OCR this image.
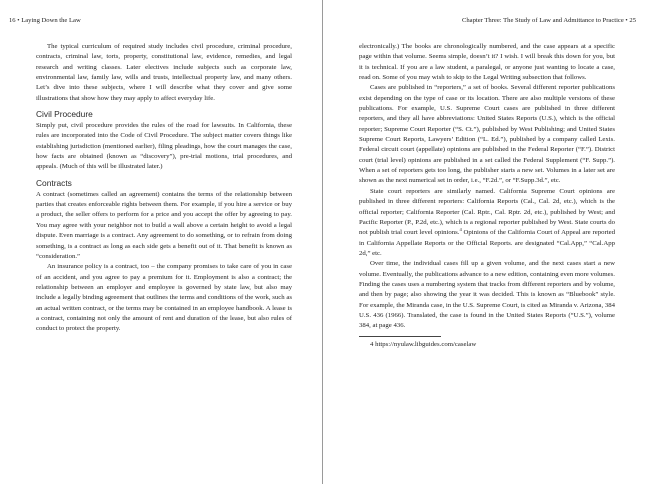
16 • Laying Down the Law

The typical curriculum of required study includes civil procedure, criminal procedure, contracts, criminal law, torts, property, constitutional law, evidence, remedies, and legal research and writing classes. Later electives include subjects such as corporate law, environmental law, family law, wills and trusts, intellectual property law, and many others. Let’s dive into these subjects, where I will describe what they cover and give some illustrations that show how they may apply to affect everyday life.

Civil Procedure

Simply put, civil procedure provides the rules of the road for lawsuits. In California, these rules are incorporated into the Code of Civil Procedure. The subject matter covers things like establishing jurisdiction (mentioned earlier), filing pleadings, how the court manages the case, how facts are obtained (known as “discovery”), pre-trial motions, trial procedures, and appeals. (Much of this will be illustrated later.)

Contracts

A contract (sometimes called an agreement) contains the terms of the relationship between parties that creates enforceable rights between them. For example, if you hire a service or buy a product, the seller offers to perform for a price and you accept the offer by agreeing to pay. You may agree with your neighbor not to build a wall above a certain height to avoid a legal dispute. Even marriage is a contract. Any agreement to do something, or to refrain from doing something, is a contract as long as each side gets a benefit out of it. That benefit is known as “consideration.”

An insurance policy is a contract, too – the company promises to take care of you in case of an accident, and you agree to pay a premium for it. Employment is also a contract; the relationship between an employer and employee is governed by state law, but also may include a legally binding agreement that outlines the terms and conditions of the work, such as an actual written contract, or the terms may be contained in an employee handbook. A lease is a contract, containing not only the amount of rent and duration of the lease, but also rules of conduct to protect the property.

Chapter Three: The Study of Law and Admittance to Practice • 25

electronically.) The books are chronologically numbered, and the case appears at a specific page within that volume. Seems simple, doesn’t it? I wish. I will break this down for you, but it is technical. If you are a law student, a paralegal, or anyone just wanting to locate a case, read on. Some of you may wish to skip to the Legal Writing subsection that follows.

Cases are published in “reporters,” a set of books. Several different reporter publications exist depending on the type of case or its location. There are also multiple versions of these publications. For example, U.S. Supreme Court cases are published in three different reporters, and they all have abbreviations: United States Reports (U.S.), which is the official reporter; Supreme Court Reporter (“S. Ct.”), published by West Publishing; and United States Supreme Court Reports, Lawyers’ Edition (“L. Ed.”), published by a company called Lexis. Federal circuit court (appellate) opinions are published in the Federal Reporter (“F.”). District court (trial level) opinions are published in a set called the Federal Supplement (“F. Supp.”). When a set of reporters gets too long, the publisher starts a new set. Volumes in a later set are shown as the next numerical set in order, i.e., “F.2d.”, or “F.Supp.3d.”, etc.

State court reporters are similarly named. California Supreme Court opinions are published in three different reporters: California Reports (Cal., Cal. 2d, etc.), which is the official reporter; California Reporter (Cal. Rptr., Cal. Rptr. 2d, etc.), published by West; and Pacific Reporter (P., P.2d, etc.), which is a regional reporter published by West. State courts do not publish trial court level opinions.$^4$ Opinions of the California Court of Appeal are reported in California Appellate Reports or the Official Reports. are designated “Cal.App,” “Cal.App 2d,” etc.

Over time, the individual cases fill up a given volume, and the next cases start a new volume. Eventually, the publications advance to a new edition, containing even more volumes. Finding the cases uses a numbering system that tracks from different reporters and by volume, and then by page; also showing the year it was decided. This is known as “Bluebook” style. For example, the Miranda case, in the U.S. Supreme Court, is cited as Miranda v. Arizona, 384 U.S. 436 (1966). Translated, the case is found in the United States Reports (“U.S.”), volume 384, at page 436.

4 https://nyulaw.libguides.com/caselaw
